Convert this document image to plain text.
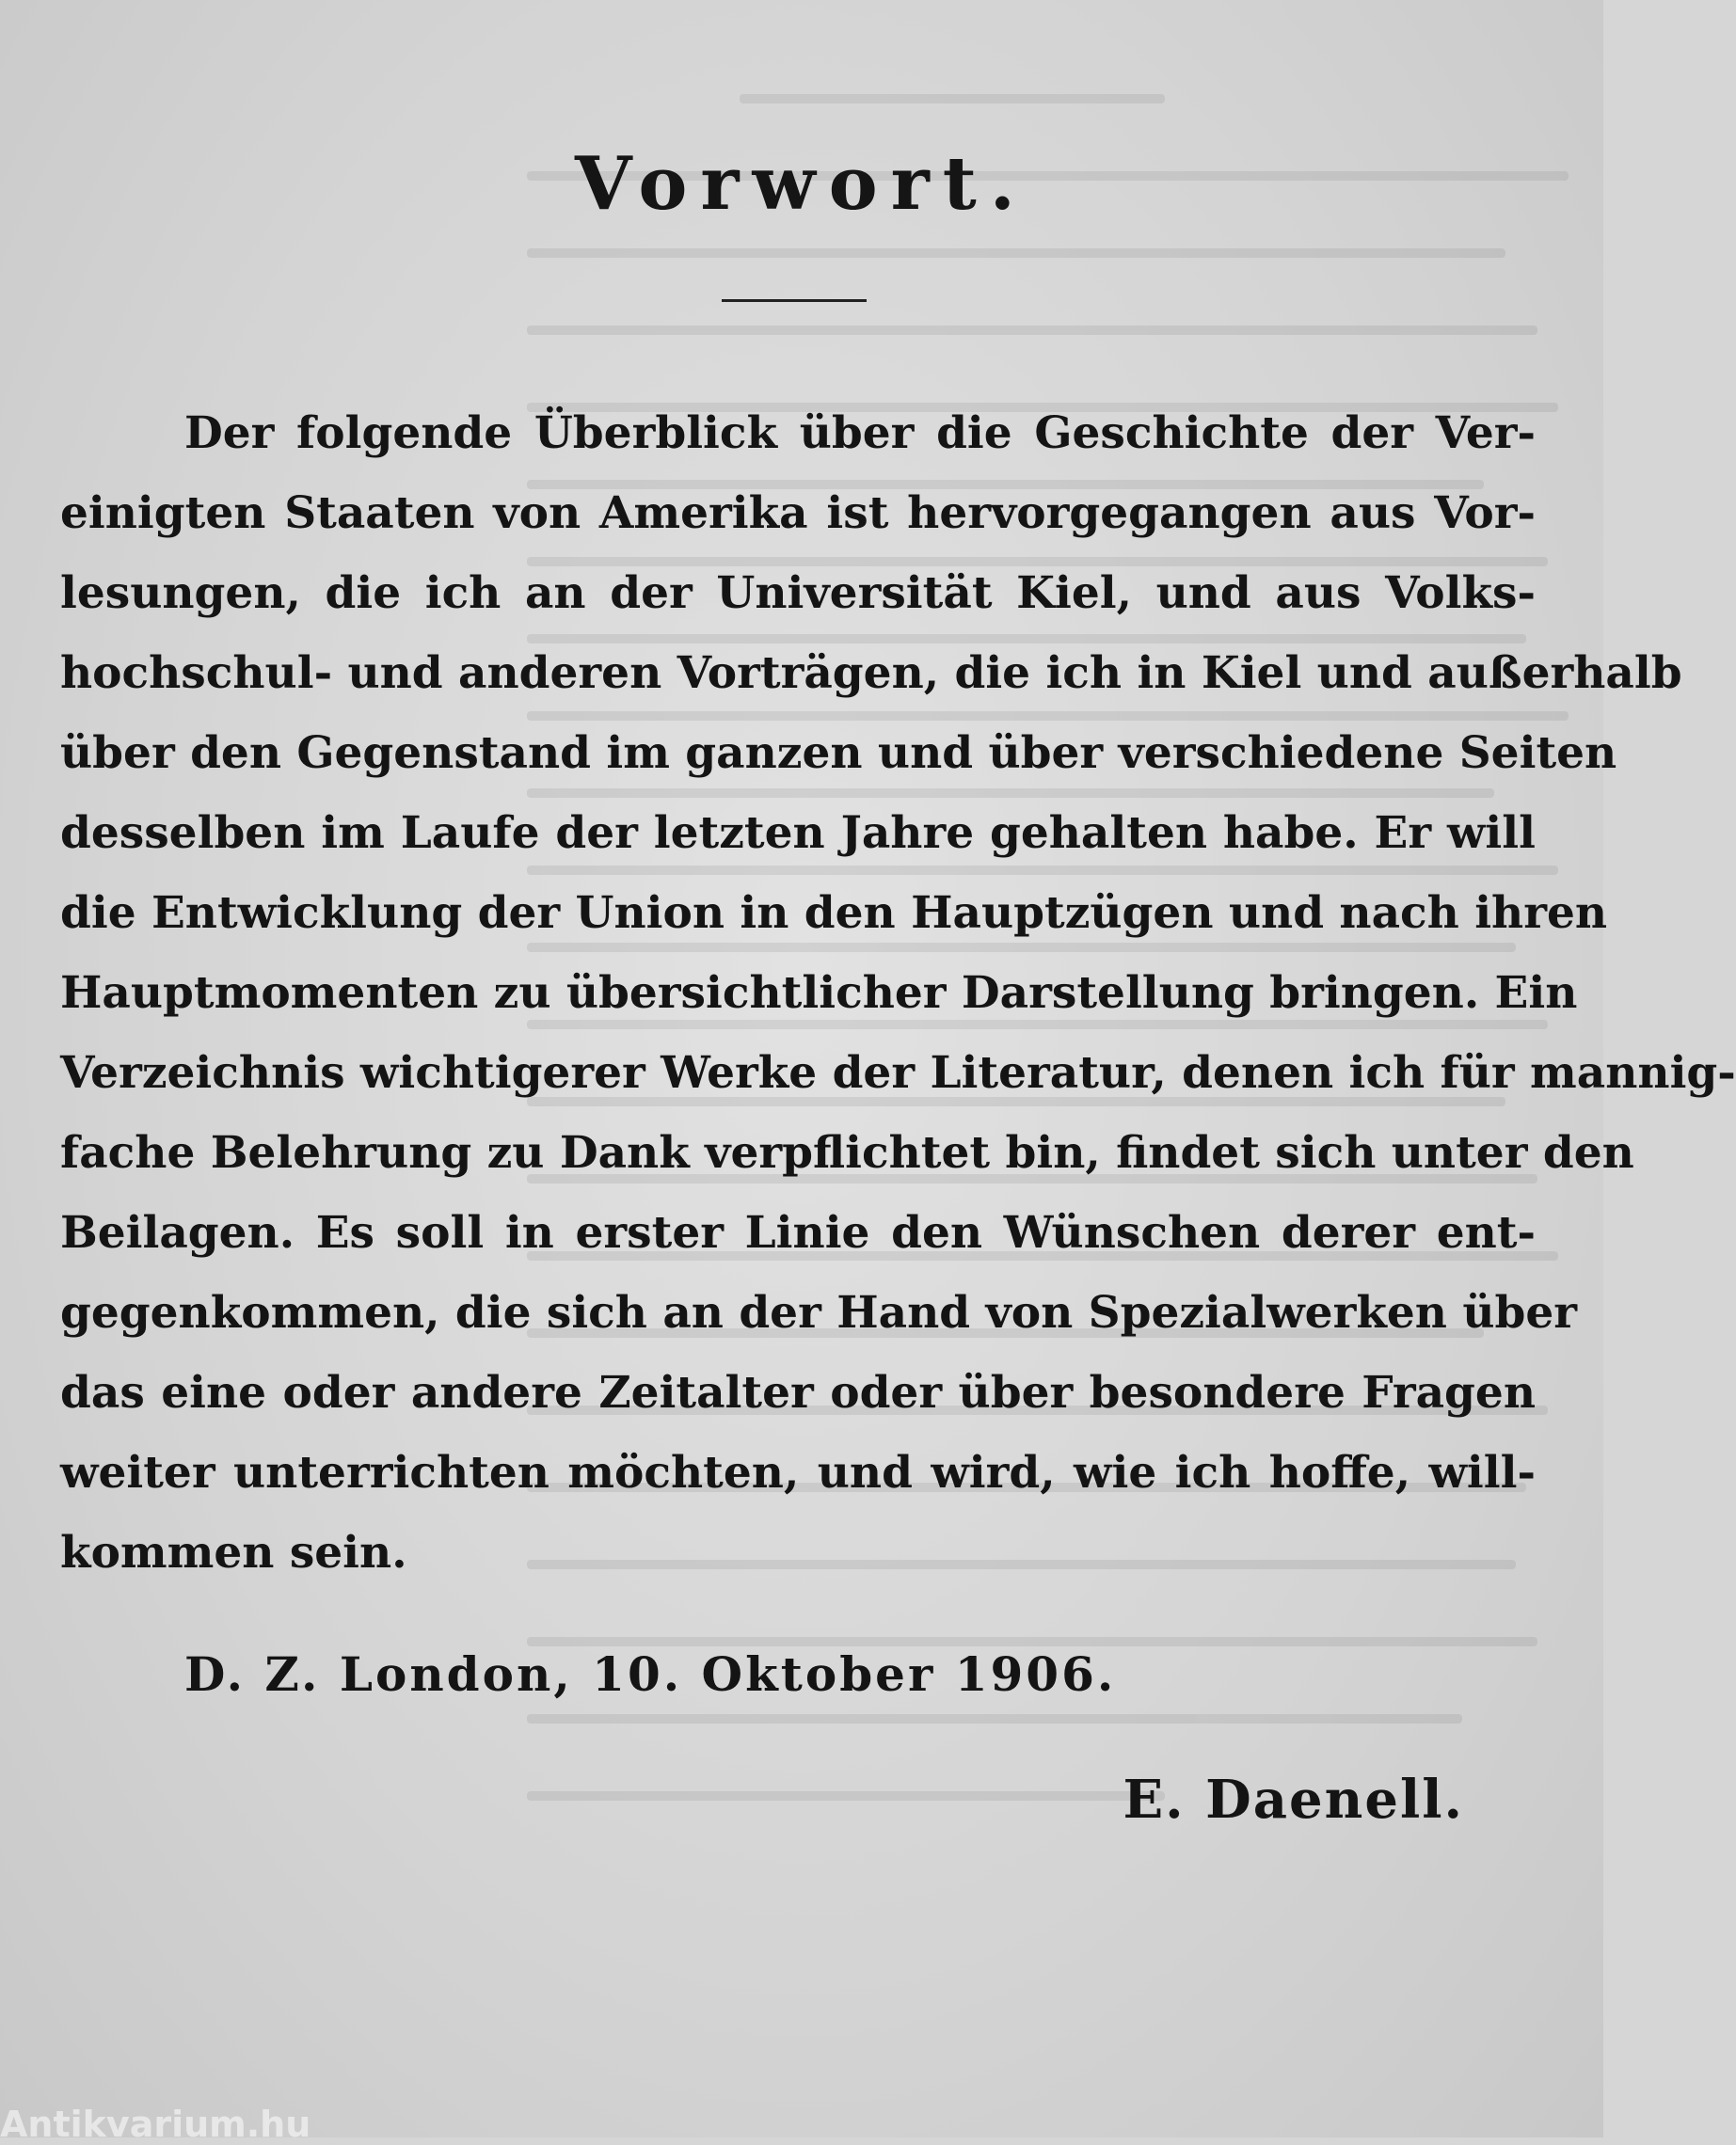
Vorwort.
Der folgende Überblick über die Geschichte der Ver-
einigten Staaten von Amerika ist hervorgegangen aus Vor-
lesungen, die ich an der Universität Kiel, und aus Volks-
hochschul- und anderen Vorträgen, die ich in Kiel und außerhalb
über den Gegenstand im ganzen und über verschiedene Seiten
desselben im Laufe der letzten Jahre gehalten habe. Er will
die Entwicklung der Union in den Hauptzügen und nach ihren
Hauptmomenten zu übersichtlicher Darstellung bringen. Ein
Verzeichnis wichtigerer Werke der Literatur, denen ich für mannig-
fache Belehrung zu Dank verpflichtet bin, findet sich unter den
Beilagen. Es soll in erster Linie den Wünschen derer ent-
gegenkommen, die sich an der Hand von Spezialwerken über
das eine oder andere Zeitalter oder über besondere Fragen
weiter unterrichten möchten, und wird, wie ich hoffe, will-
kommen sein.
D. Z. London, 10. Oktober 1906.
E. Daenell.
Antikvarium.hu
